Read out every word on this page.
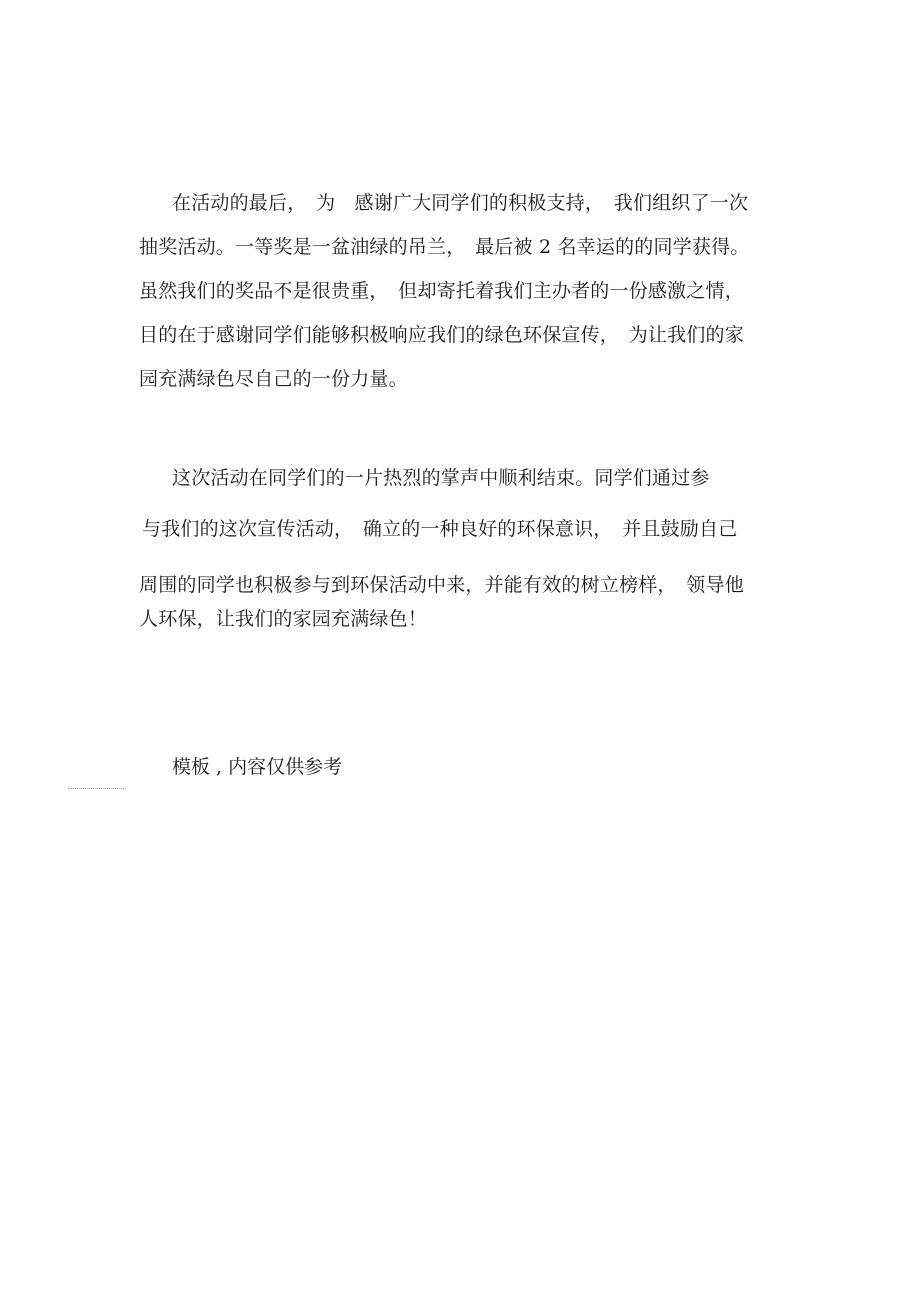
在活动的最后，　为　感谢广大同学们的积极支持，　我们组织了一次
抽奖活动。一等奖是一盆油绿的吊兰，　最后被 2 名幸运的的同学获得。
虽然我们的奖品不是很贵重，　但却寄托着我们主办者的一份感激之情，
目的在于感谢同学们能够积极响应我们的绿色环保宣传，　为让我们的家
园充满绿色尽自己的一份力量。
这次活动在同学们的一片热烈的掌声中顺利结束。同学们通过参
与我们的这次宣传活动，　确立的一种良好的环保意识，　并且鼓励自己
周围的同学也积极参与到环保活动中来，并能有效的树立榜样，　领导他
人环保，让我们的家园充满绿色！
模板 , 内容仅供参考
